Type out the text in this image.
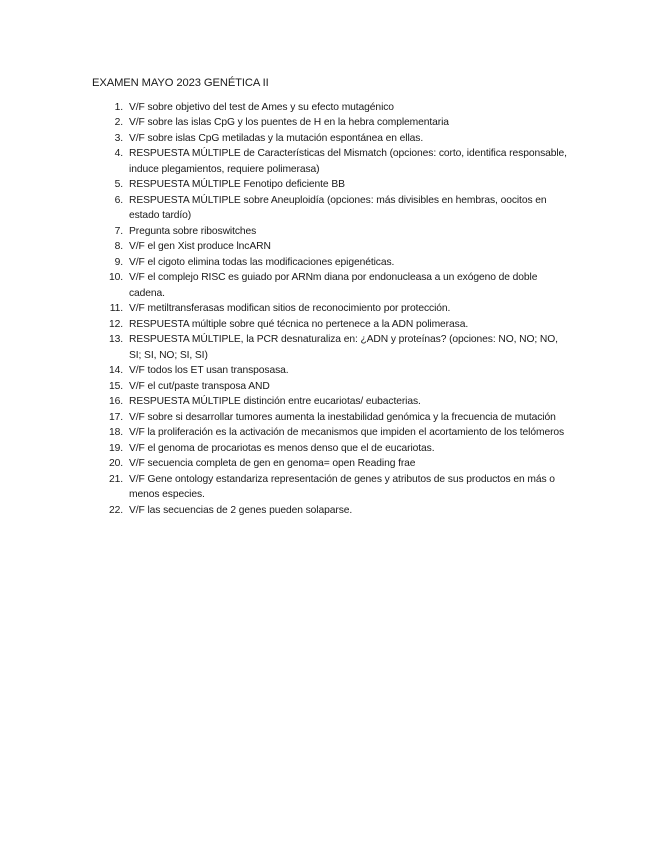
EXAMEN MAYO 2023 GENÉTICA II
1. V/F sobre objetivo del test de Ames y su efecto mutagénico
2. V/F sobre las islas CpG y los puentes de H en la hebra complementaria
3. V/F sobre islas CpG metiladas y la mutación espontánea en ellas.
4. RESPUESTA MÚLTIPLE de Características del Mismatch (opciones: corto, identifica responsable, induce plegamientos, requiere polimerasa)
5. RESPUESTA MÚLTIPLE Fenotipo deficiente BB
6. RESPUESTA MÚLTIPLE sobre Aneuploidía (opciones: más divisibles en hembras, oocitos en estado tardío)
7. Pregunta sobre riboswitches
8. V/F el gen Xist produce lncARN
9. V/F el cigoto elimina todas las modificaciones epigenéticas.
10. V/F el complejo RISC es guiado por ARNm diana por endonucleasa a un exógeno de doble cadena.
11. V/F metiltransferasas modifican sitios de reconocimiento por protección.
12. RESPUESTA múltiple sobre qué técnica no pertenece a la ADN polimerasa.
13. RESPUESTA MÚLTIPLE, la PCR desnaturaliza en: ¿ADN y proteínas? (opciones: NO, NO; NO, SI; SI, NO; SI, SI)
14. V/F todos los ET usan transposasa.
15. V/F el cut/paste transposa AND
16. RESPUESTA MÚLTIPLE distinción entre eucariotas/ eubacterias.
17. V/F sobre si desarrollar tumores aumenta la inestabilidad genómica y la frecuencia de mutación
18. V/F la proliferación es la activación de mecanismos que impiden el acortamiento de los telómeros
19. V/F el genoma de procariotas es menos denso que el de eucariotas.
20. V/F secuencia completa de gen en genoma= open Reading frae
21. V/F Gene ontology estandariza representación de genes y atributos de sus productos en más o menos especies.
22. V/F las secuencias de 2 genes pueden solaparse.
